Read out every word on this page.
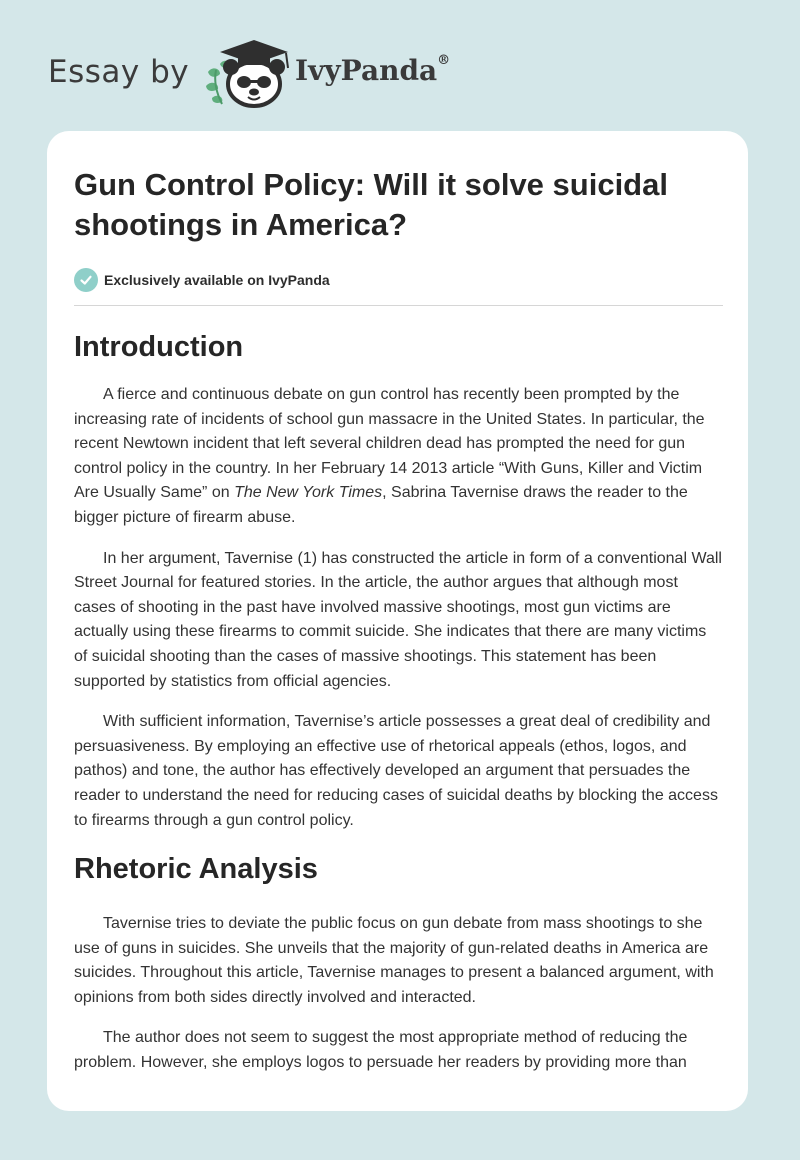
Essay by	IvyPanda®
Gun Control Policy: Will it solve suicidal shootings in America?
Exclusively available on IvyPanda
Introduction

A fierce and continuous debate on gun control has recently been prompted by the increasing rate of incidents of school gun massacre in the United States. In particular, the recent Newtown incident that left several children dead has prompted the need for gun control policy in the country. In her February 14 2013 article “With Guns, Killer and Victim Are Usually Same” on The New York Times, Sabrina Tavernise draws the reader to the bigger picture of firearm abuse.

In her argument, Tavernise (1) has constructed the article in form of a conventional Wall Street Journal for featured stories. In the article, the author argues that although most cases of shooting in the past have involved massive shootings, most gun victims are actually using these firearms to commit suicide. She indicates that there are many victims of suicidal shooting than the cases of massive shootings. This statement has been supported by statistics from official agencies.

With sufficient information, Tavernise’s article possesses a great deal of credibility and persuasiveness. By employing an effective use of rhetorical appeals (ethos, logos, and pathos) and tone, the author has effectively developed an argument that persuades the reader to understand the need for reducing cases of suicidal deaths by blocking the access to firearms through a gun control policy.

Rhetoric Analysis

Tavernise tries to deviate the public focus on gun debate from mass shootings to she use of guns in suicides. She unveils that the majority of gun-related deaths in America are suicides. Throughout this article, Tavernise manages to present a balanced argument, with opinions from both sides directly involved and interacted.

The author does not seem to suggest the most appropriate method of reducing the problem. However, she employs logos to persuade her readers by providing more than
